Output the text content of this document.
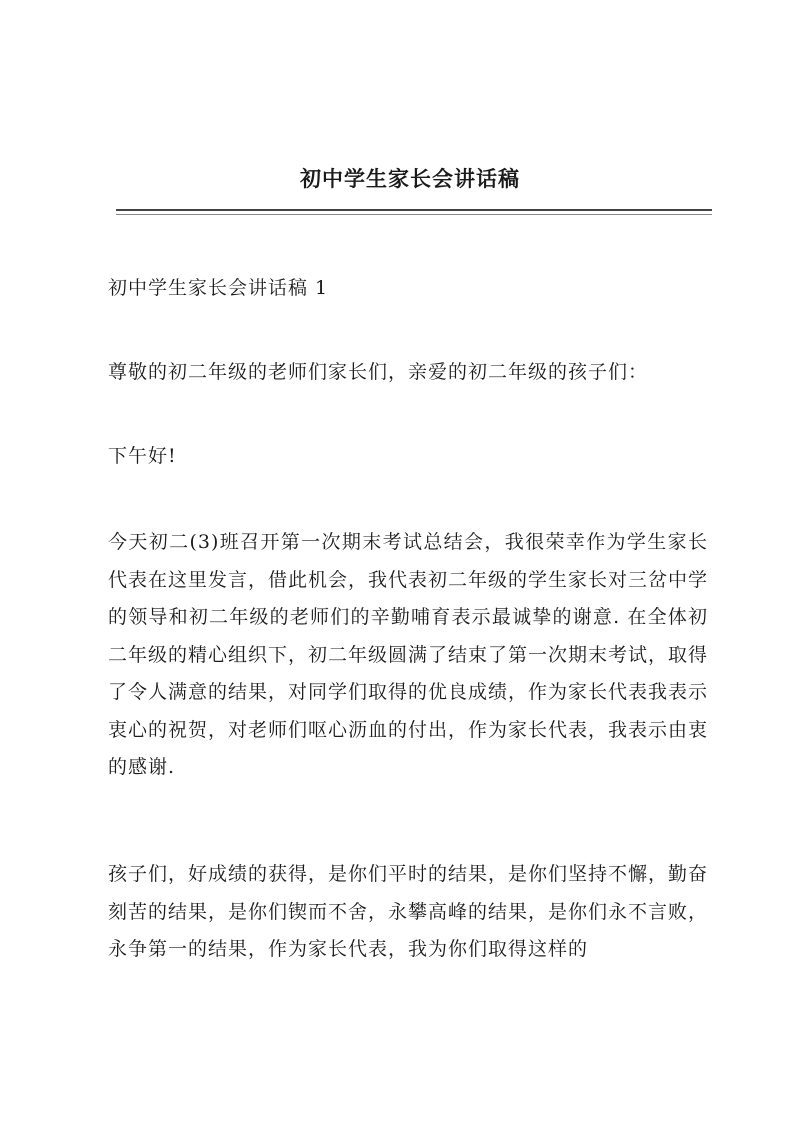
初中学生家长会讲话稿

初中学生家长会讲话稿 1

尊敬的初二年级的老师们家长们，亲爱的初二年级的孩子们：

下午好!

今天初二(3)班召开第一次期末考试总结会，我很荣幸作为学生家长代表在这里发言，借此机会，我代表初二年级的学生家长对三岔中学的领导和初二年级的老师们的辛勤哺育表示最诚挚的谢意. 在全体初二年级的精心组织下，初二年级圆满了结束了第一次期末考试，取得了令人满意的结果，对同学们取得的优良成绩，作为家长代表我表示衷心的祝贺，对老师们呕心沥血的付出，作为家长代表，我表示由衷的感谢.

孩子们，好成绩的获得，是你们平时的结果，是你们坚持不懈，勤奋刻苦的结果，是你们锲而不舍，永攀高峰的结果，是你们永不言败，永争第一的结果，作为家长代表，我为你们取得这样的
